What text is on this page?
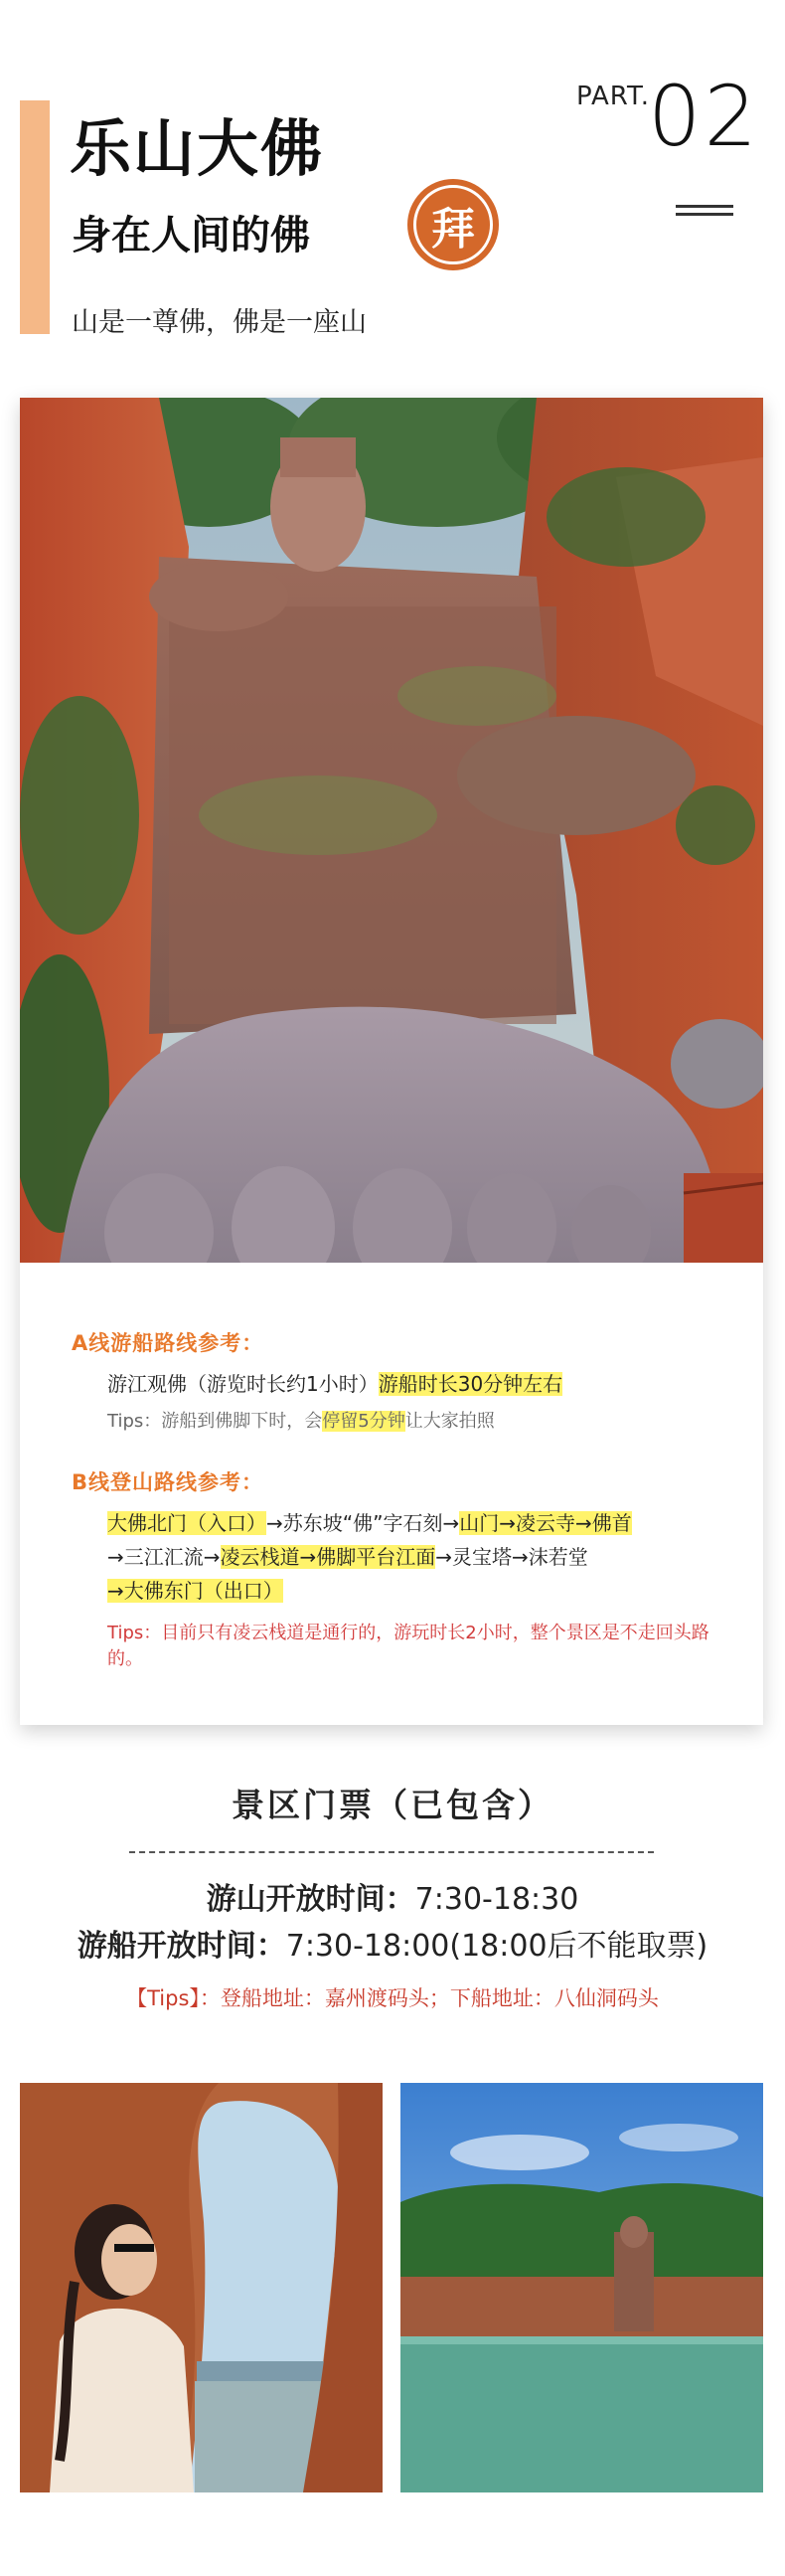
乐山大佛
身在人间的佛
山是一尊佛，佛是一座山
拜
PART.
02
A线游船路线参考：
游江观佛（游览时长约1小时）游船时长30分钟左右
Tips：游船到佛脚下时，会停留5分钟让大家拍照
B线登山路线参考：
大佛北门（入口）→苏东坡“佛”字石刻→山门→凌云寺→佛首
→三江汇流→凌云栈道→佛脚平台江面→灵宝塔→沫若堂
→大佛东门（出口）
Tips：目前只有凌云栈道是通行的，游玩时长2小时，整个景区是不走回头路的。
景区门票（已包含）
游山开放时间：7:30-18:30
游船开放时间：7:30-18:00(18:00后不能取票)
【Tips】：登船地址：嘉州渡码头；下船地址：八仙洞码头
